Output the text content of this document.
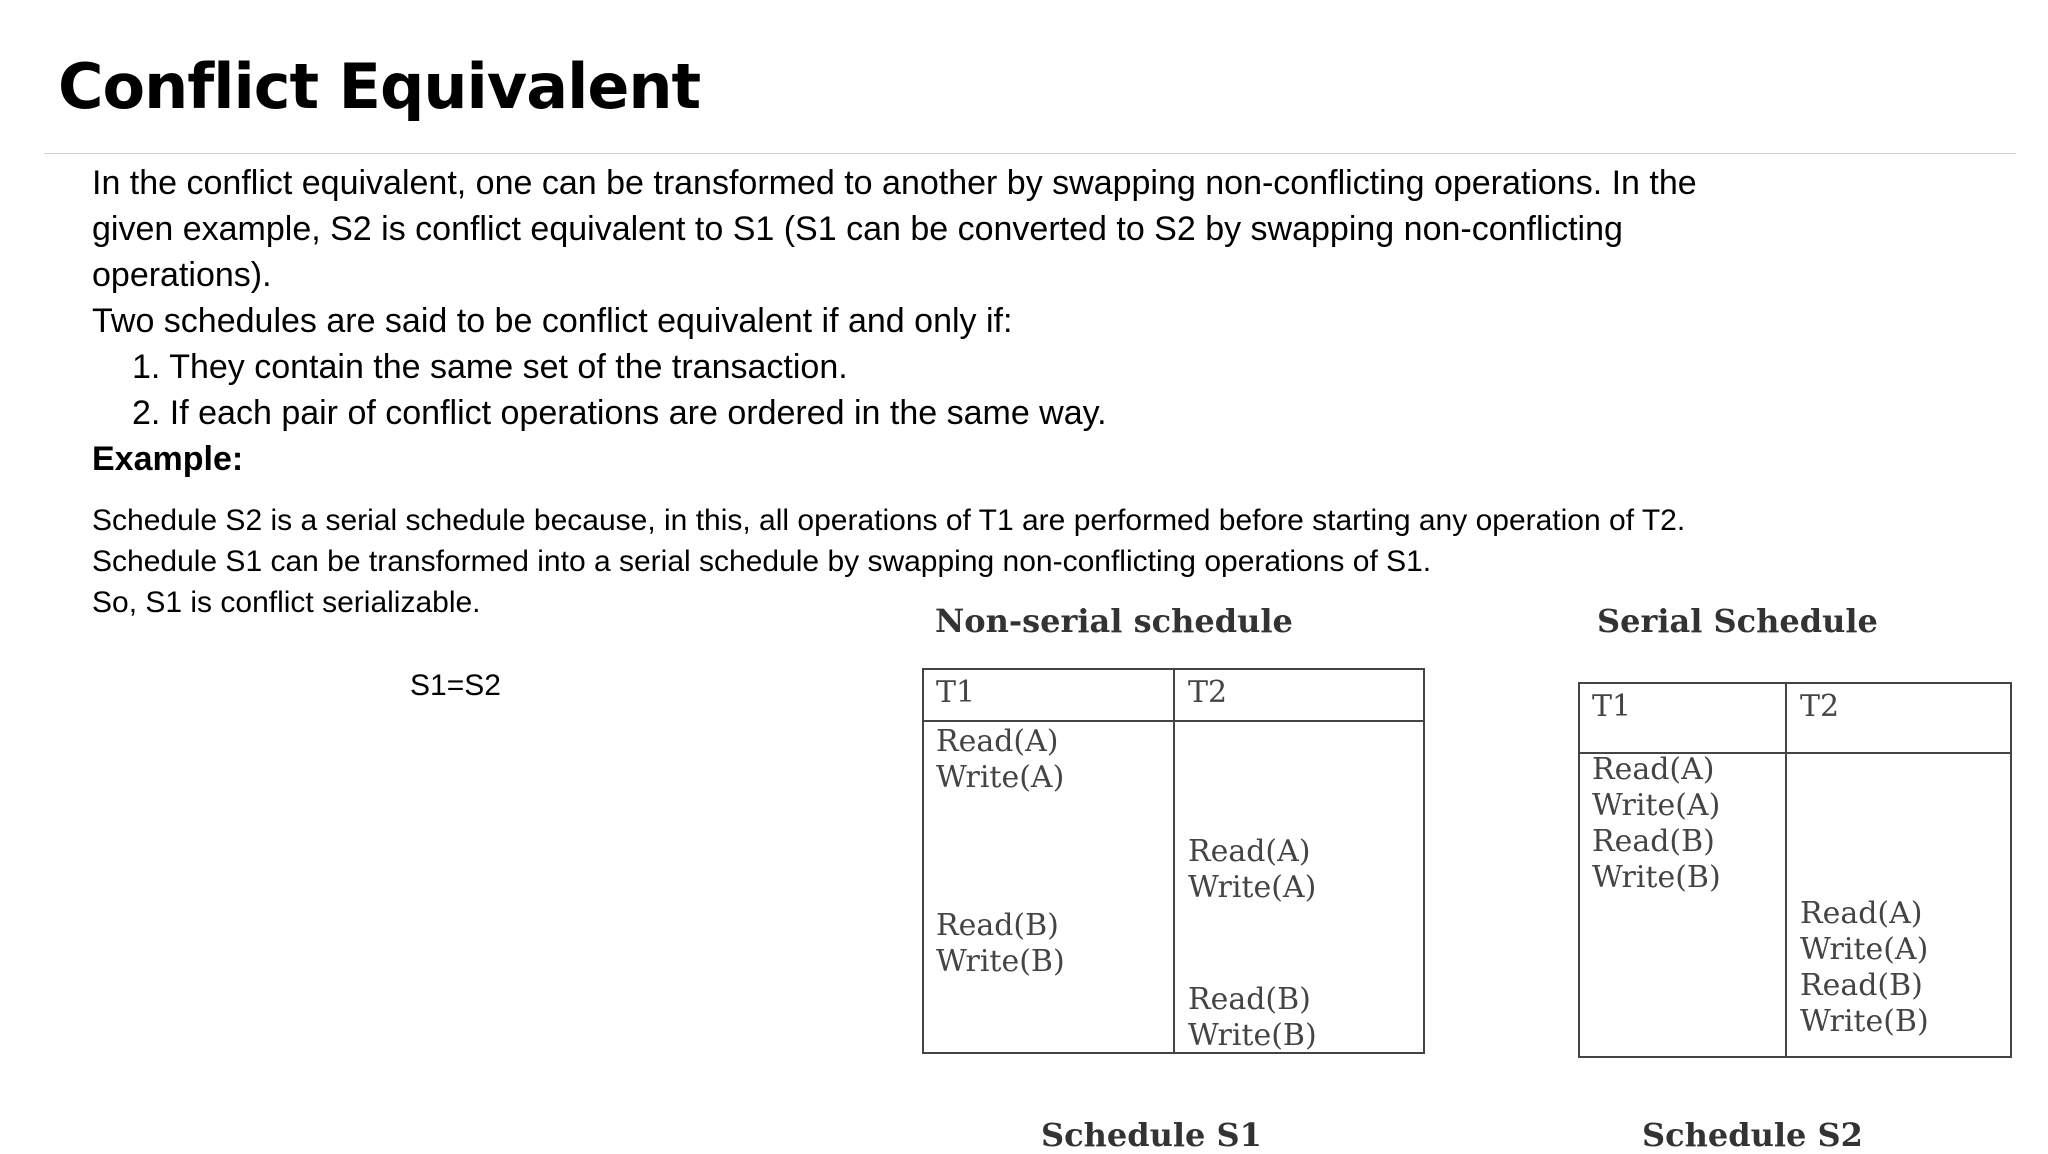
Conflict Equivalent
In the conflict equivalent, one can be transformed to another by swapping non-conflicting operations. In the
given example, S2 is conflict equivalent to S1 (S1 can be converted to S2 by swapping non-conflicting
operations).
Two schedules are said to be conflict equivalent if and only if:
1. They contain the same set of the transaction.
2. If each pair of conflict operations are ordered in the same way.

Example:

Schedule S2 is a serial schedule because, in this, all operations of T1 are performed before starting any operation of T2.
Schedule S1 can be transformed into a serial schedule by swapping non-conflicting operations of S1.
So, S1 is conflict serializable.

S1=S2

Non-serial schedule

T1	T2
Read(A)
Write(A)
Read(A)
Write(A)
Read(B)
Write(B)
Read(B)
Write(B)

Schedule S1

Serial Schedule

T1	T2
Read(A)
Write(A)
Read(B)
Write(B)
Read(A)
Write(A)
Read(B)
Write(B)

Schedule S2
